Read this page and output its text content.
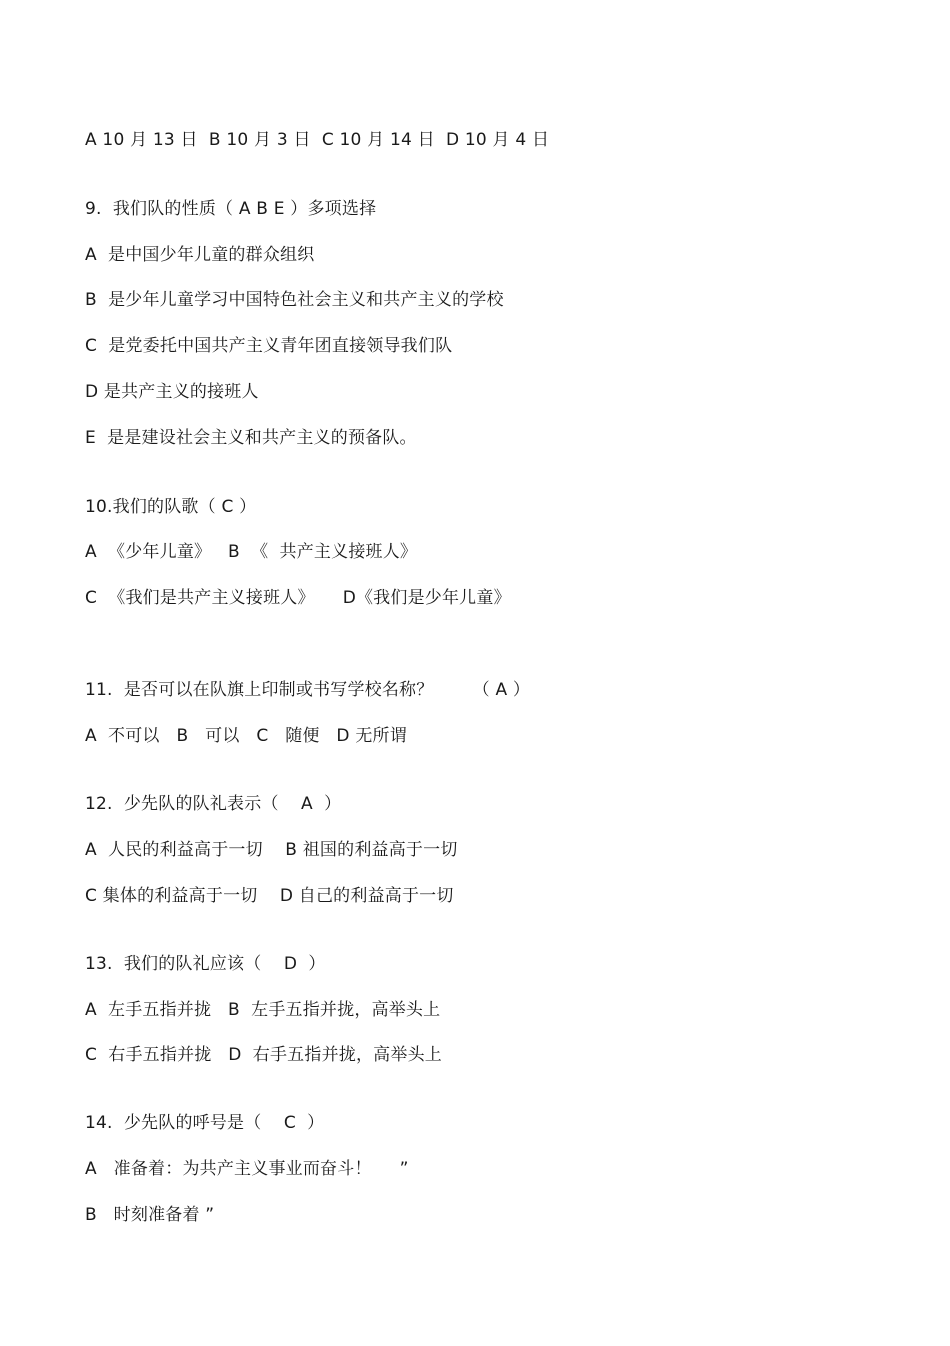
A 10 月 13 日  B 10 月 3 日  C 10 月 14 日  D 10 月 4 日

9.  我们队的性质（ A B E ）多项选择

A  是中国少年儿童的群众组织

B  是少年儿童学习中国特色社会主义和共产主义的学校

C  是党委托中国共产主义青年团直接领导我们队

D 是共产主义的接班人

E  是是建设社会主义和共产主义的预备队。

10.我们的队歌（ C ）

A  《少年儿童》   B  《  共产主义接班人》

C  《我们是共产主义接班人》     D《我们是少年儿童》

11.  是否可以在队旗上印制或书写学校名称？       （ A ）

A  不可以   B   可以   C   随便   D 无所谓

12.  少先队的队礼表示（    A  ）

A  人民的利益高于一切    B 祖国的利益高于一切

C 集体的利益高于一切    D 自己的利益高于一切

13.  我们的队礼应该（    D  ）

A  左手五指并拢   B  左手五指并拢，高举头上

C  右手五指并拢   D  右手五指并拢，高举头上

14.  少先队的呼号是（    C  ）

A   准备着：为共产主义事业而奋斗！     ”

B   时刻准备着 ”
